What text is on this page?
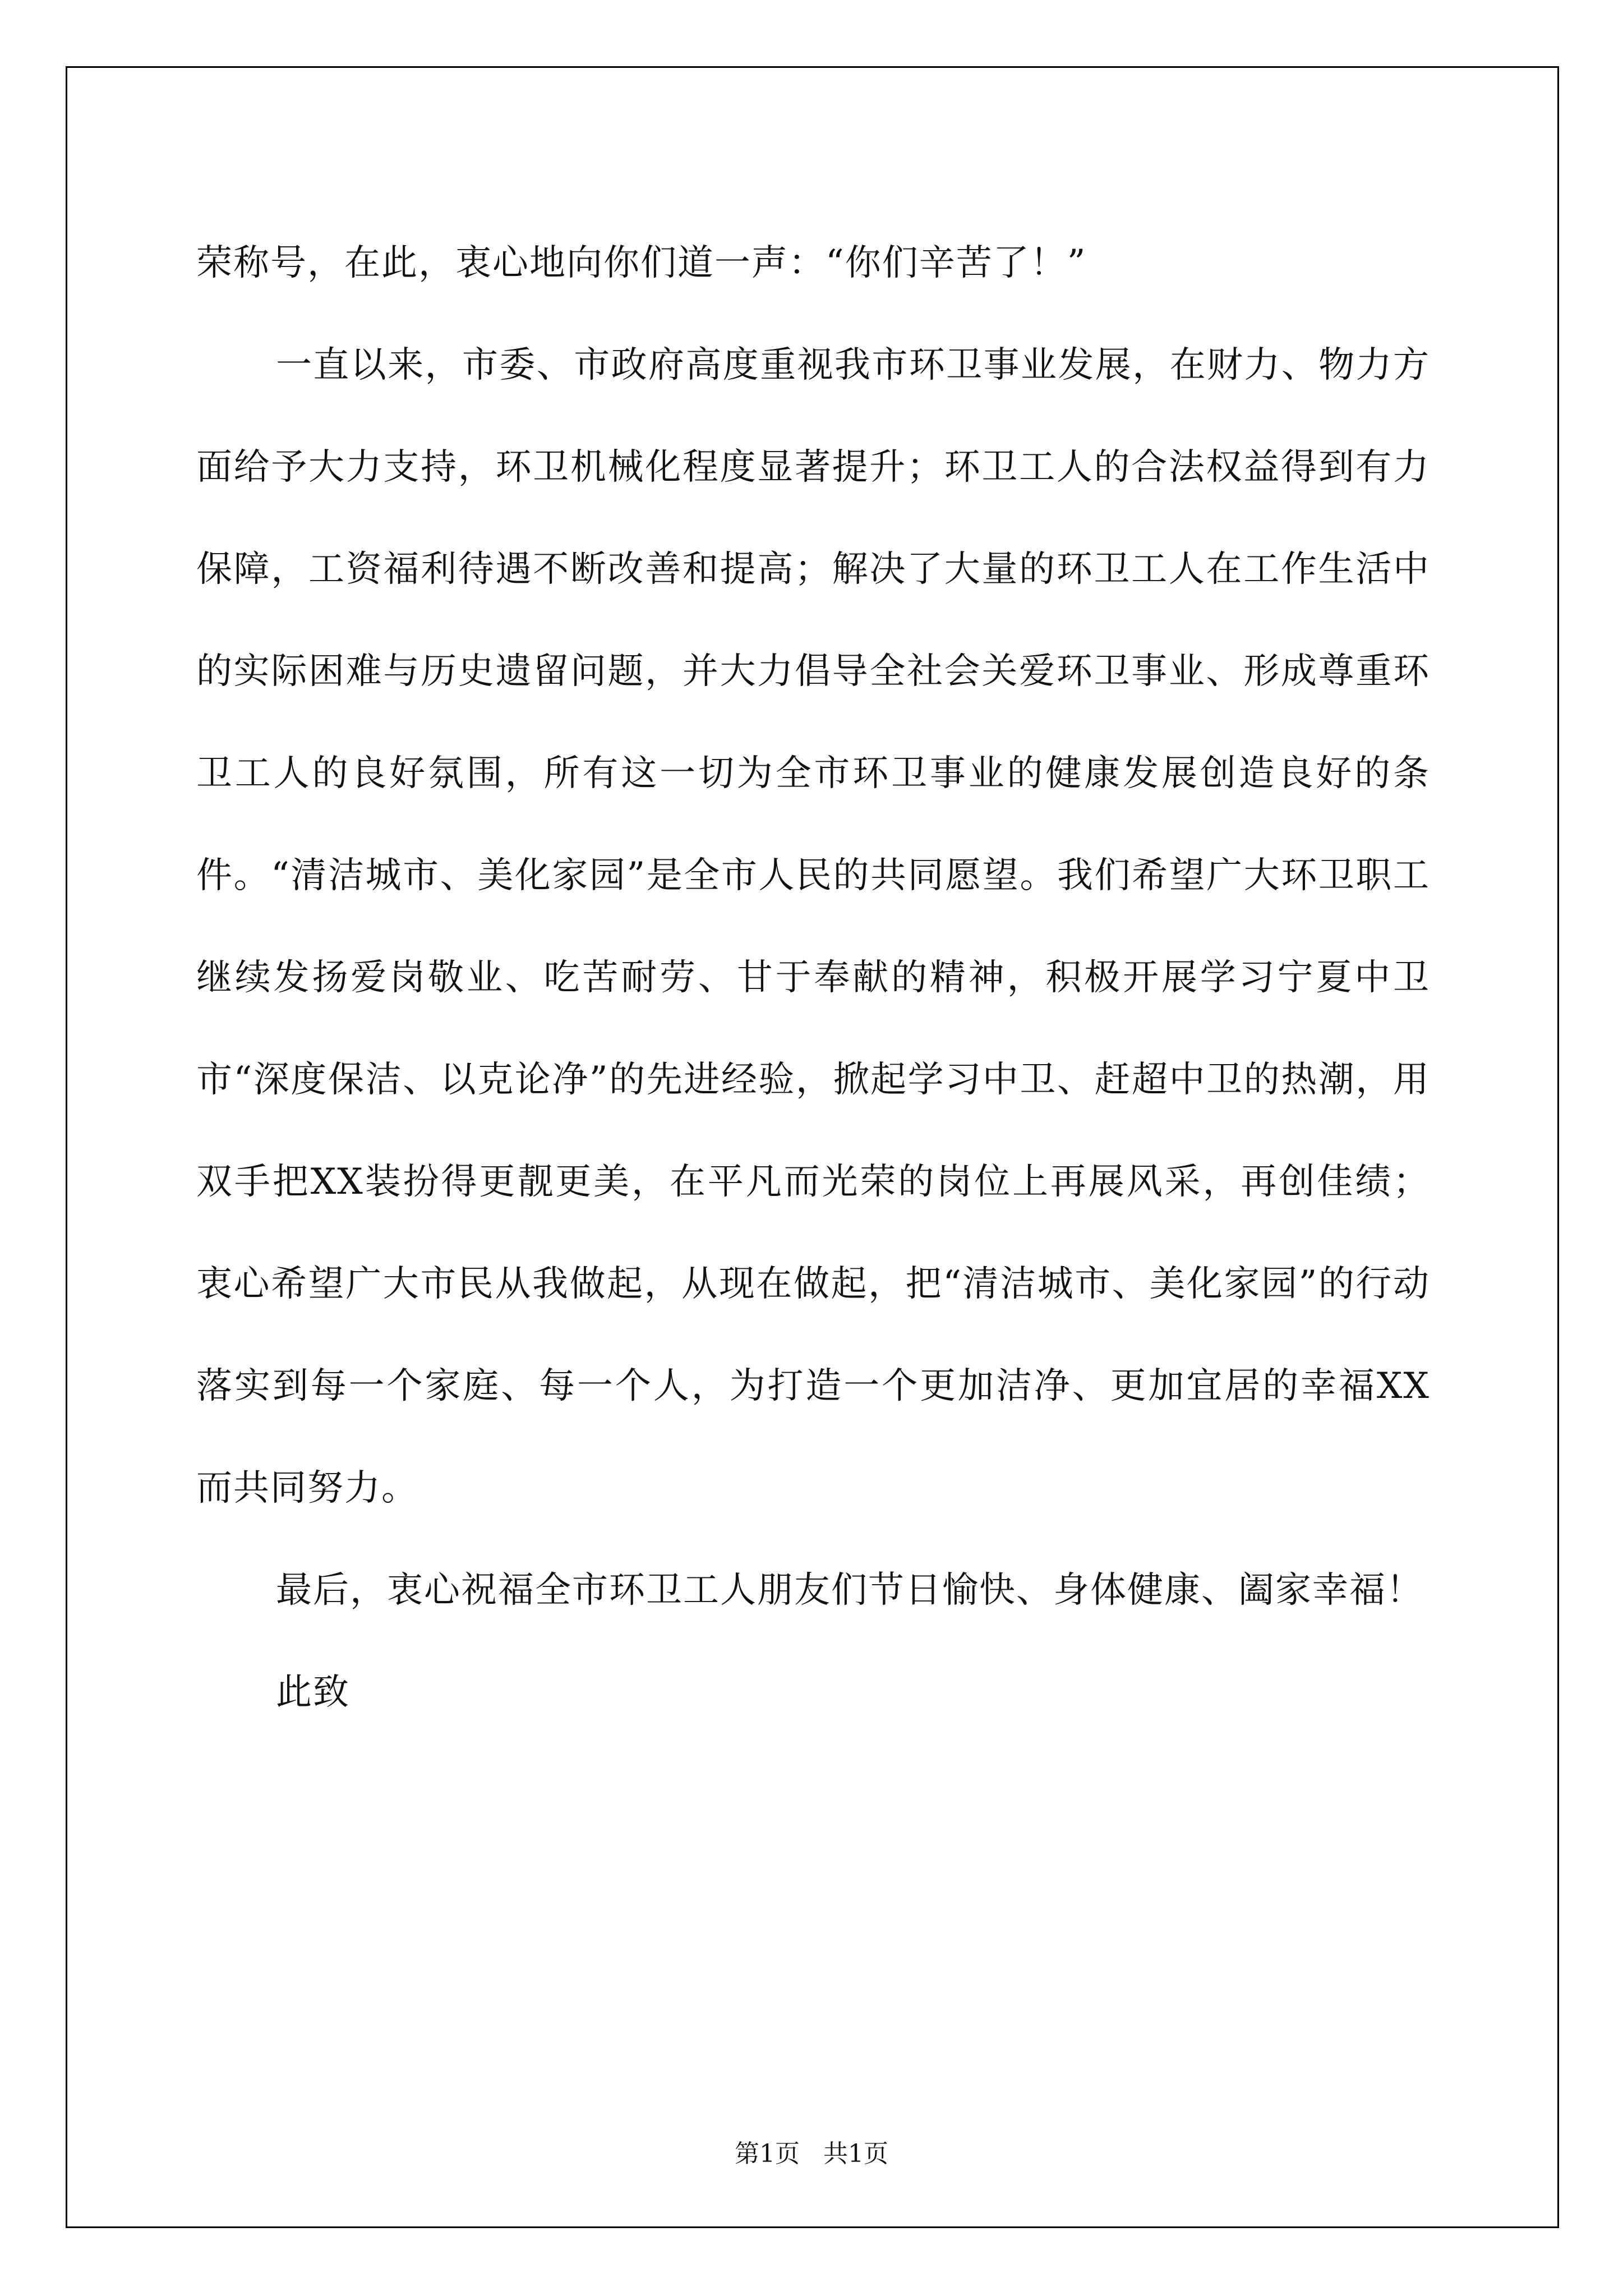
荣称号，在此，衷心地向你们道一声：“你们辛苦了！”

一直以来，市委、市政府高度重视我市环卫事业发展，在财力、物力方面给予大力支持，环卫机械化程度显著提升；环卫工人的合法权益得到有力保障，工资福利待遇不断改善和提高；解决了大量的环卫工人在工作生活中的实际困难与历史遗留问题，并大力倡导全社会关爱环卫事业、形成尊重环卫工人的良好氛围，所有这一切为全市环卫事业的健康发展创造良好的条件。“清洁城市、美化家园”是全市人民的共同愿望。我们希望广大环卫职工继续发扬爱岗敬业、吃苦耐劳、甘于奉献的精神，积极开展学习宁夏中卫市“深度保洁、以克论净”的先进经验，掀起学习中卫、赶超中卫的热潮，用双手把XX装扮得更靓更美，在平凡而光荣的岗位上再展风采，再创佳绩；衷心希望广大市民从我做起，从现在做起，把“清洁城市、美化家园”的行动落实到每一个家庭、每一个人，为打造一个更加洁净、更加宜居的幸福XX而共同努力。

最后，衷心祝福全市环卫工人朋友们节日愉快、身体健康、阖家幸福！

此致

第1页   共1页
